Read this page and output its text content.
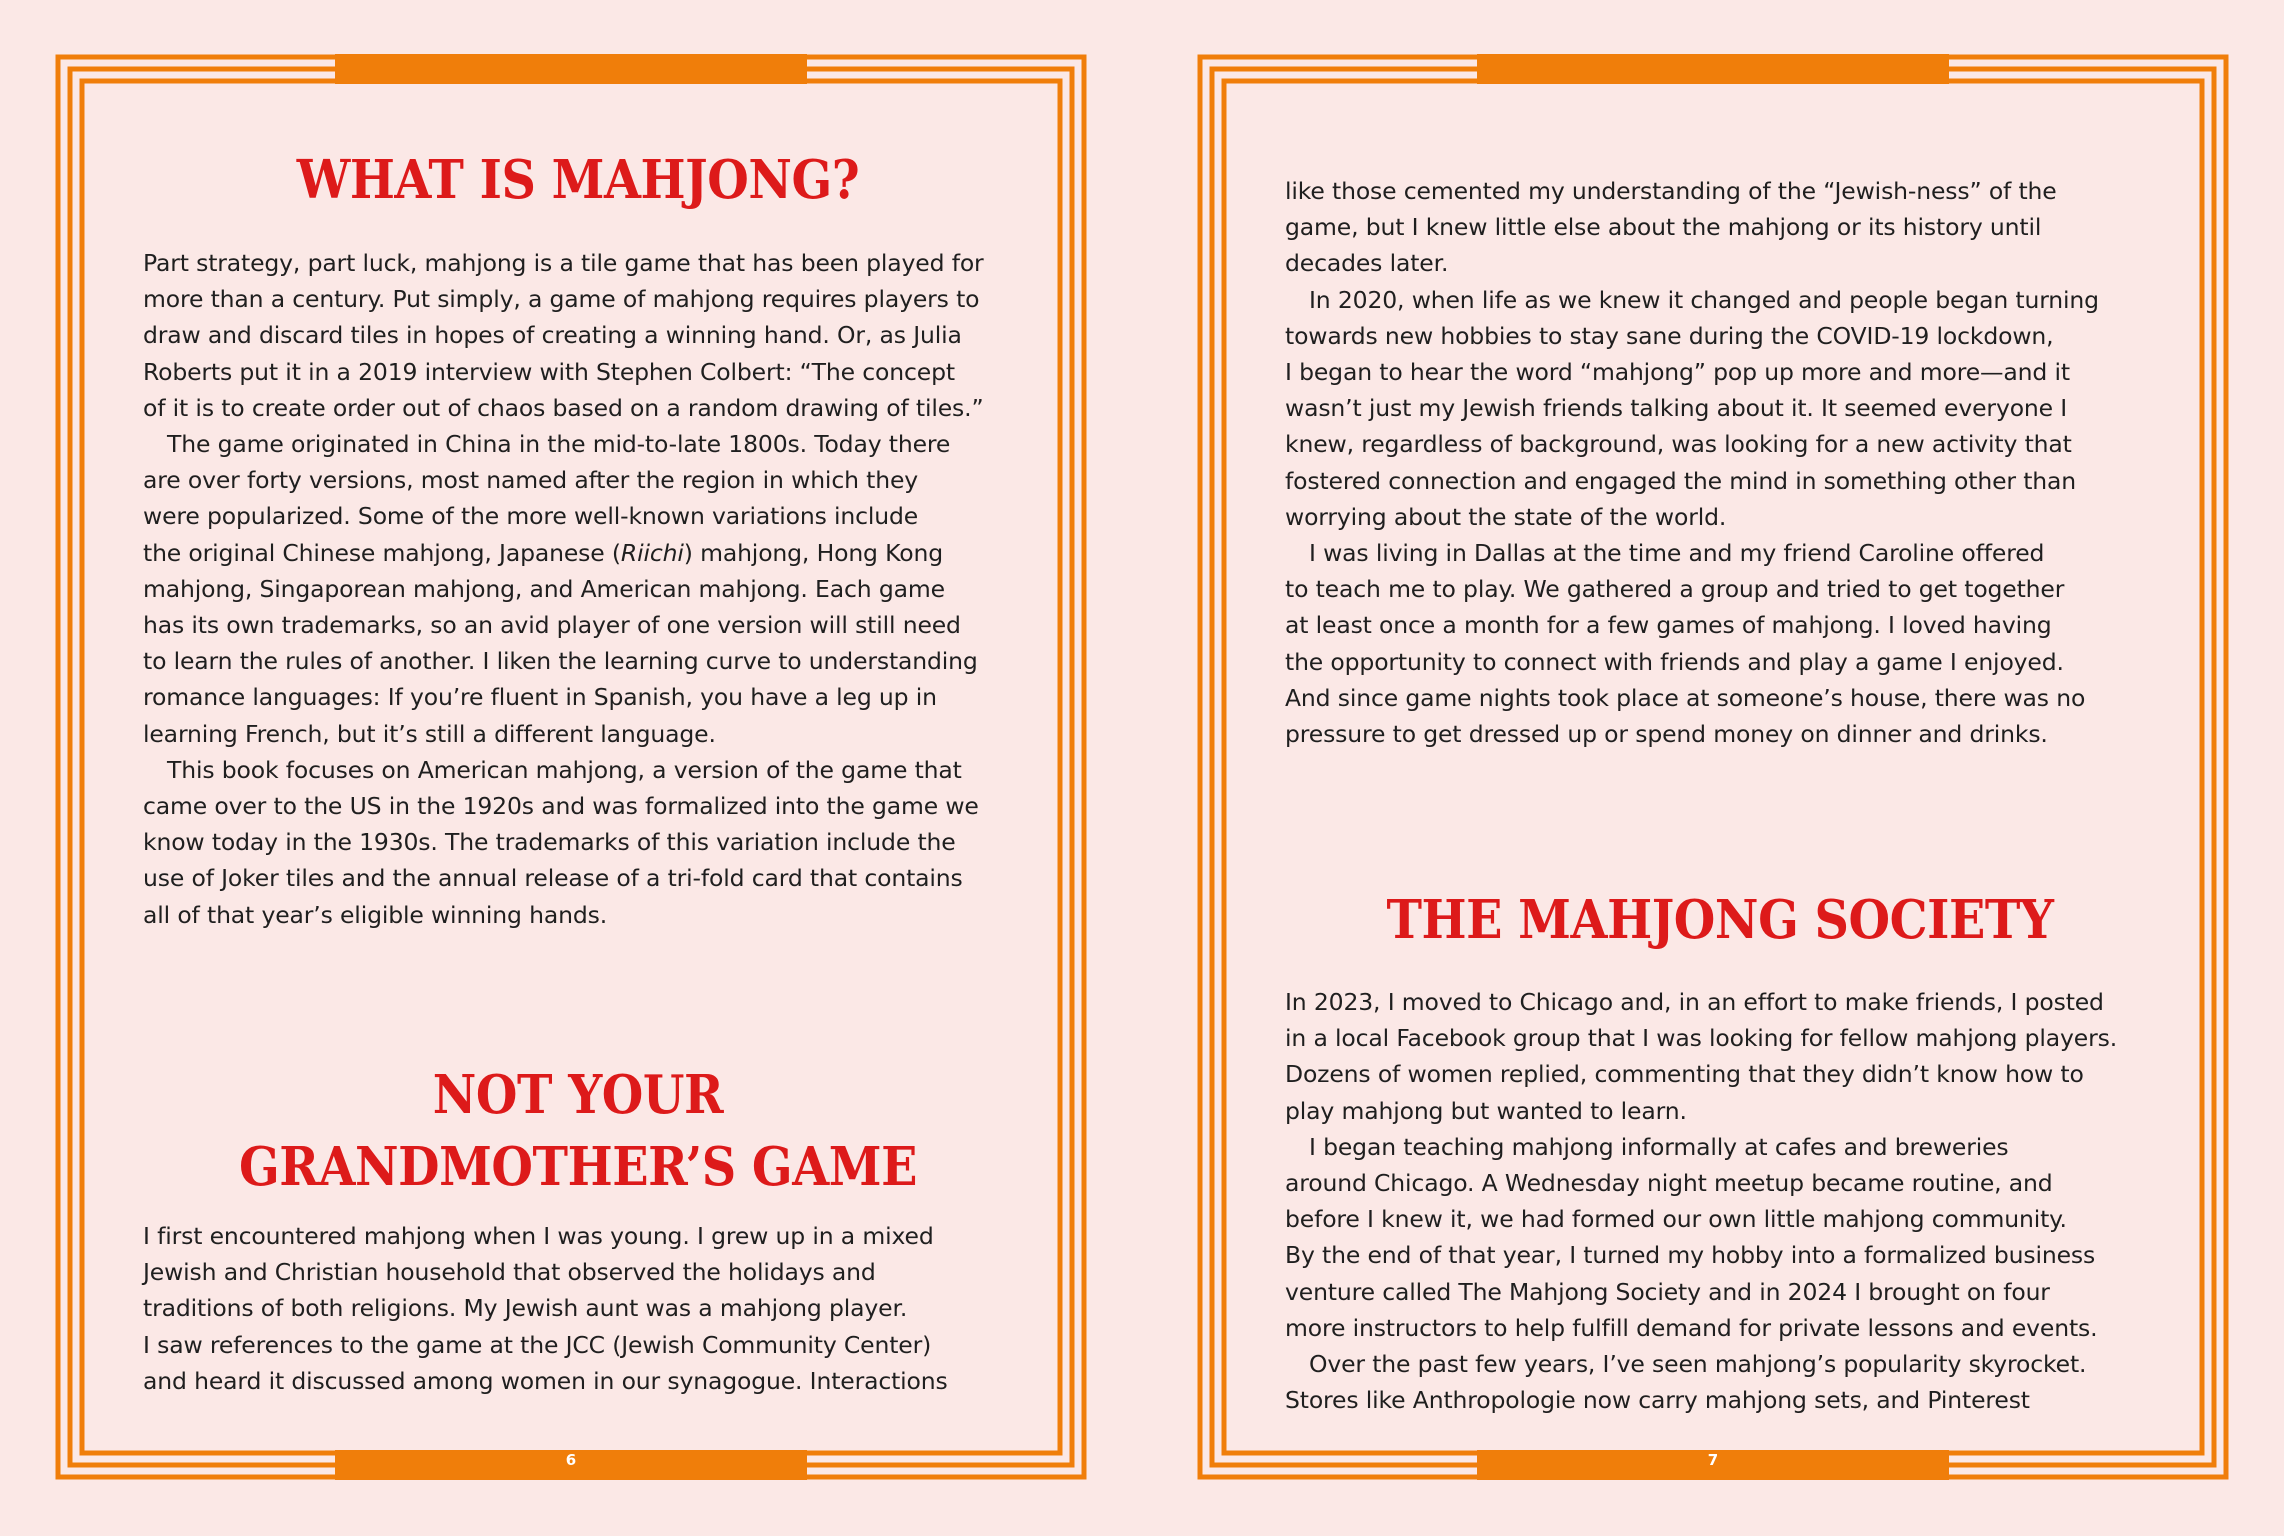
6
WHAT IS MAHJONG?

Part strategy, part luck, mahjong is a tile game that has been played for
more than a century. Put simply, a game of mahjong requires players to
draw and discard tiles in hopes of creating a winning hand. Or, as Julia
Roberts put it in a 2019 interview with Stephen Colbert: “The concept
of it is to create order out of chaos based on a random drawing of tiles.”

The game originated in China in the mid-to-late 1800s. Today there
are over forty versions, most named after the region in which they
were popularized. Some of the more well-known variations include
the original Chinese mahjong, Japanese (Riichi) mahjong, Hong Kong
mahjong, Singaporean mahjong, and American mahjong. Each game
has its own trademarks, so an avid player of one version will still need
to learn the rules of another. I liken the learning curve to understanding
romance languages: If you’re fluent in Spanish, you have a leg up in
learning French, but it’s still a different language.

This book focuses on American mahjong, a version of the game that
came over to the US in the 1920s and was formalized into the game we
know today in the 1930s. The trademarks of this variation include the
use of Joker tiles and the annual release of a tri-fold card that contains
all of that year’s eligible winning hands.

NOT YOUR
GRANDMOTHER’S GAME

I first encountered mahjong when I was young. I grew up in a mixed
Jewish and Christian household that observed the holidays and
traditions of both religions. My Jewish aunt was a mahjong player.
I saw references to the game at the JCC (Jewish Community Center)
and heard it discussed among women in our synagogue. Interactions

7

like those cemented my understanding of the “Jewish-ness” of the
game, but I knew little else about the mahjong or its history until
decades later.

In 2020, when life as we knew it changed and people began turning
towards new hobbies to stay sane during the COVID-19 lockdown,
I began to hear the word “mahjong” pop up more and more—and it
wasn’t just my Jewish friends talking about it. It seemed everyone I
knew, regardless of background, was looking for a new activity that
fostered connection and engaged the mind in something other than
worrying about the state of the world.

I was living in Dallas at the time and my friend Caroline offered
to teach me to play. We gathered a group and tried to get together
at least once a month for a few games of mahjong. I loved having
the opportunity to connect with friends and play a game I enjoyed.
And since game nights took place at someone’s house, there was no
pressure to get dressed up or spend money on dinner and drinks.

THE MAHJONG SOCIETY

In 2023, I moved to Chicago and, in an effort to make friends, I posted
in a local Facebook group that I was looking for fellow mahjong players.
Dozens of women replied, commenting that they didn’t know how to
play mahjong but wanted to learn.

I began teaching mahjong informally at cafes and breweries
around Chicago. A Wednesday night meetup became routine, and
before I knew it, we had formed our own little mahjong community.
By the end of that year, I turned my hobby into a formalized business
venture called The Mahjong Society and in 2024 I brought on four
more instructors to help fulfill demand for private lessons and events.

Over the past few years, I’ve seen mahjong’s popularity skyrocket.
Stores like Anthropologie now carry mahjong sets, and Pinterest
